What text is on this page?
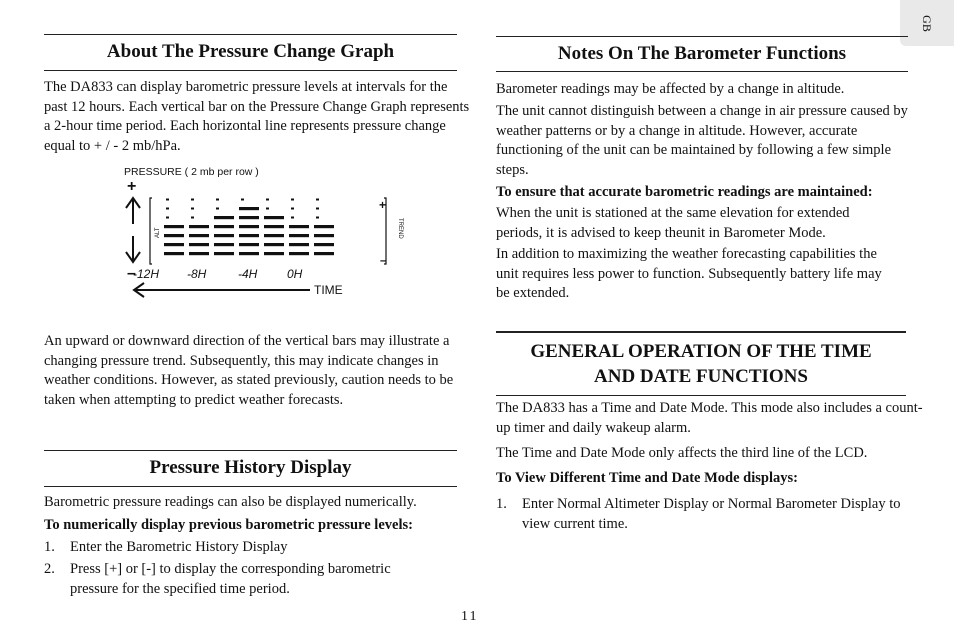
GB
About The Pressure Change Graph

The DA833 can display barometric pressure levels at intervals for the past 12 hours. Each vertical bar on the Pressure Change Graph represents a 2-hour time period. Each horizontal line represents pressure change equal to + / - 2 mb/hPa.

PRESSURE ( 2 mb per row )
+
–
ALT	TREND
+
–
-12H -8H	-4H 0H
TIME

An upward or downward direction of the vertical bars may illustrate a changing pressure trend. Subsequently, this may indicate changes in weather conditions. However, as stated previously, caution needs to be taken when attempting to predict weather forecasts.

Pressure History Display

Barometric pressure readings can also be displayed numerically.

To numerically display previous barometric pressure levels:

1. Enter the Barometric History Display
2. Press [+] or [-] to display the corresponding barometric pressure for the specified time period.
Notes On The Barometer Functions

Barometer readings may be affected by a change in altitude.

The unit cannot distinguish between a change in air pressure caused by weather patterns or by a change in altitude. However, accurate functioning of the unit can be maintained by following a few simple steps.

To ensure that accurate barometric readings are maintained:

When the unit is stationed at the same elevation for extended periods, it is advised to keep theunit in Barometer Mode.

In addition to maximizing the weather forecasting capabilities the unit requires less power to function. Subsequently battery life may be extended.

GENERAL OPERATION OF THE TIME
AND DATE FUNCTIONS

The DA833 has a Time and Date Mode. This mode also includes a count-up timer and daily wakeup alarm.

The Time and Date Mode only affects the third line of the LCD.

To View Different Time and Date Mode displays:

1. Enter Normal Altimeter Display or Normal Barometer Display to view current time.
11
